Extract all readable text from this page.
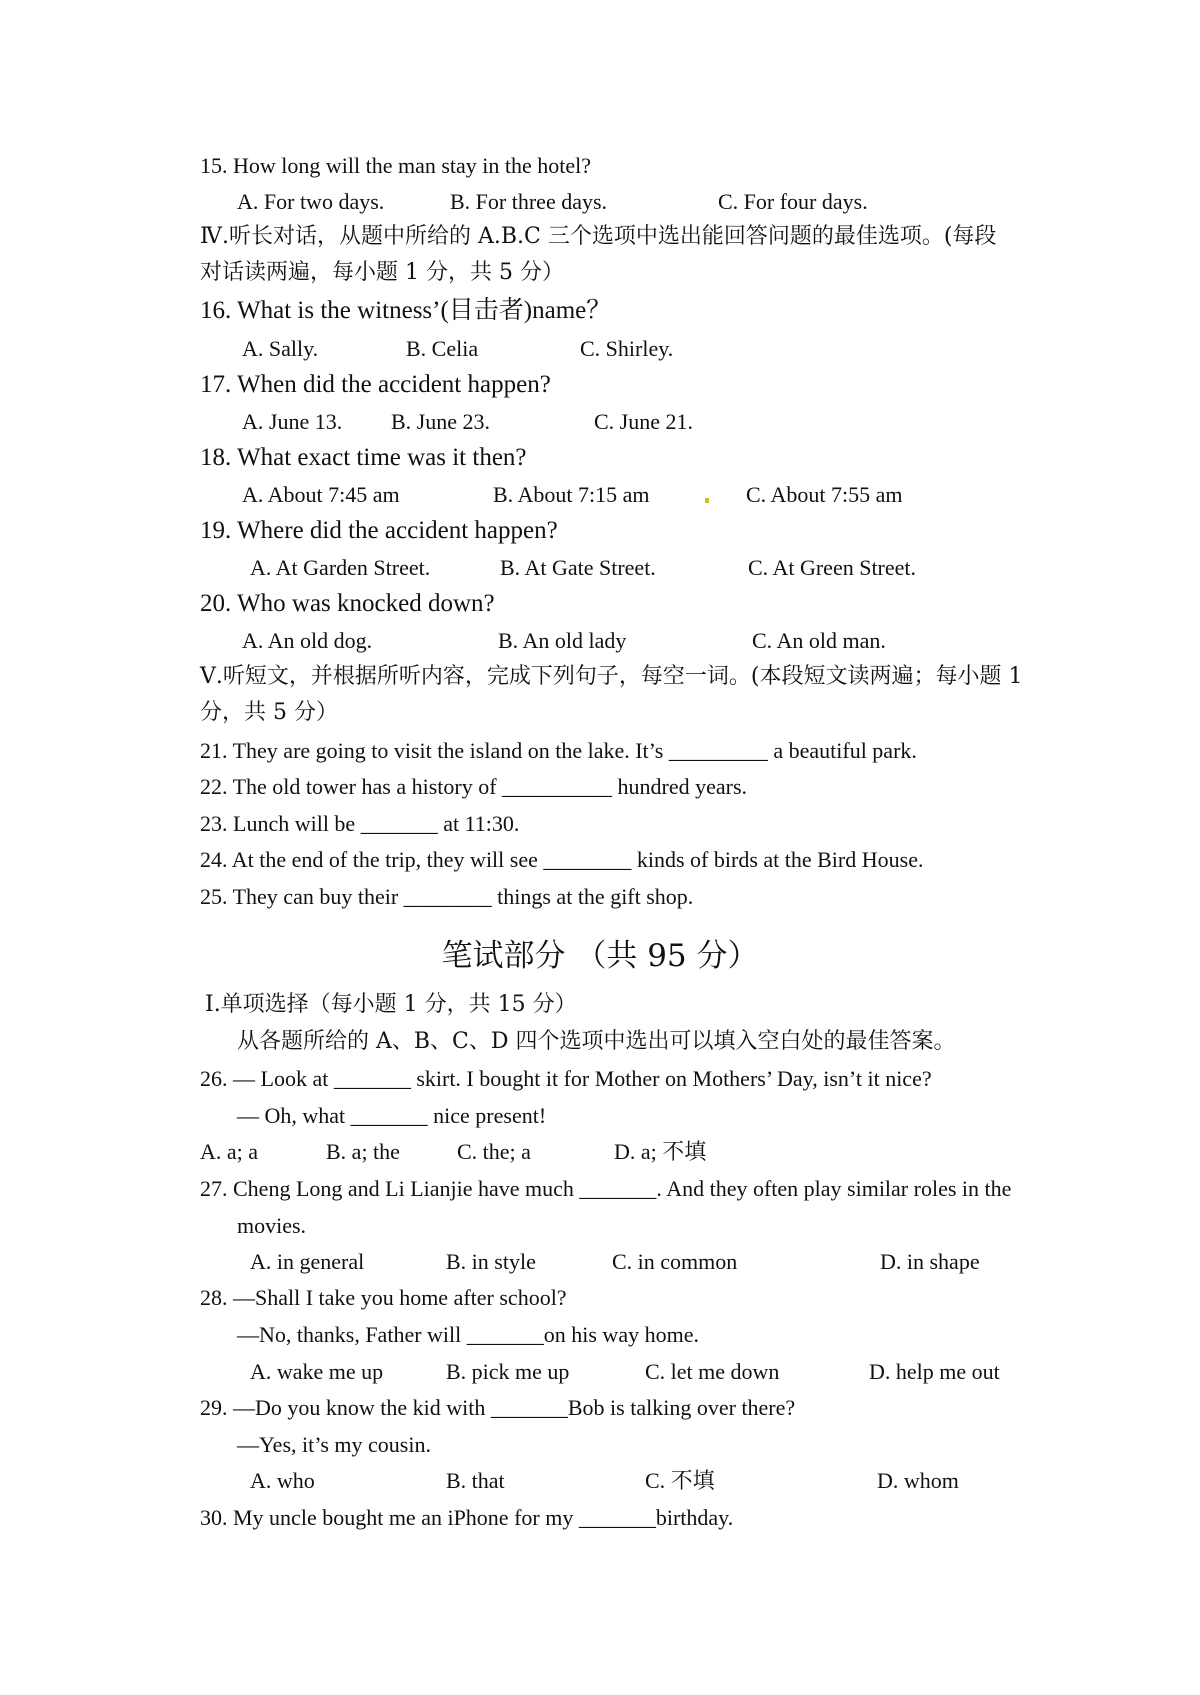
15. How long will the man stay in the hotel?
A. For two days.	B. For three days.	C. For four days.
Ⅳ.听长对话，从题中所给的 A.B.C 三个选项中选出能回答问题的最佳选项。(每段
对话读两遍，每小题 1 分，共 5 分）
16. What is the witness’(目击者)name？
A. Sally.	B. Celia	C. Shirley.
17. When did the accident happen?
A. June 13. B. June 23.	C. June 21.
18. What exact time was it then?
A. About 7:45 am	B. About 7:15 am	C. About 7:55 am
19. Where did the accident happen?
A. At Garden Street.	B. At Gate Street.	C. At Green Street.
20. Who was knocked down?
A. An old dog.	B. An old lady	C. An old man.
Ⅴ.听短文，并根据所听内容，完成下列句子，每空一词。(本段短文读两遍；每小题 1
分，共 5 分）
21. They are going to visit the island on the lake. It’s _________ a beautiful park.
22. The old tower has a history of __________ hundred years.
23. Lunch will be _______ at 11:30.
24. At the end of the trip, they will see ________ kinds of birds at the Bird House.
25. They can buy their ________ things at the gift shop.
笔试部分 （共 95 分）
Ⅰ.单项选择（每小题 1 分，共 15 分）
从各题所给的 A、B、C、D 四个选项中选出可以填入空白处的最佳答案。
26. — Look at _______ skirt. I bought it for Mother on Mothers’ Day, isn’t it nice?
— Oh, what _______ nice present!
A. a; a	B. a; the	C. the; a	D. a; 不填
27. Cheng Long and Li Lianjie have much _______. And they often play similar roles in the
movies.
A. in general	B. in style	C. in common	D. in shape
28. —Shall I take you home after school?
—No, thanks, Father will _______on his way home.
A. wake me up	B. pick me up	C. let me down	D. help me out
29. —Do you know the kid with _______Bob is talking over there?
—Yes, it’s my cousin.
A. who	B. that	C. 不填	D. whom
30. My uncle bought me an iPhone for my _______birthday.
